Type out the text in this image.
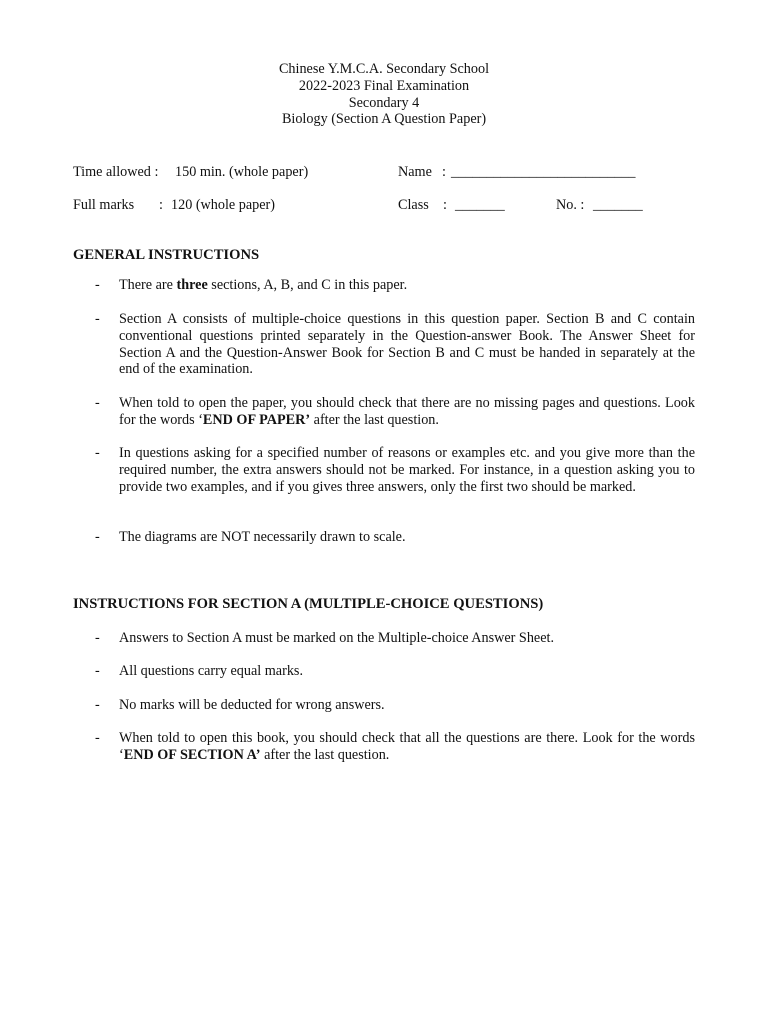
Chinese Y.M.C.A. Secondary School
2022-2023 Final Examination
Secondary 4
Biology (Section A Question Paper)
Time allowed : 150 min. (whole paper)	Name : __________________________
Full marks : 120 (whole paper)	Class : _______	No. : _______
GENERAL INSTRUCTIONS
- There are three sections, A, B, and C in this paper.
- Section A consists of multiple-choice questions in this question paper. Section B and C contain conventional questions printed separately in the Question-answer Book. The Answer Sheet for Section A and the Question-Answer Book for Section B and C must be handed in separately at the end of the examination.
- When told to open the paper, you should check that there are no missing pages and questions. Look for the words ‘END OF PAPER’ after the last question.
- In questions asking for a specified number of reasons or examples etc. and you give more than the required number, the extra answers should not be marked. For instance, in a question asking you to provide two examples, and if you gives three answers, only the first two should be marked.
- The diagrams are NOT necessarily drawn to scale.
INSTRUCTIONS FOR SECTION A (MULTIPLE-CHOICE QUESTIONS)
- Answers to Section A must be marked on the Multiple-choice Answer Sheet.
- All questions carry equal marks.
- No marks will be deducted for wrong answers.
- When told to open this book, you should check that all the questions are there. Look for the words ‘END OF SECTION A’ after the last question.
